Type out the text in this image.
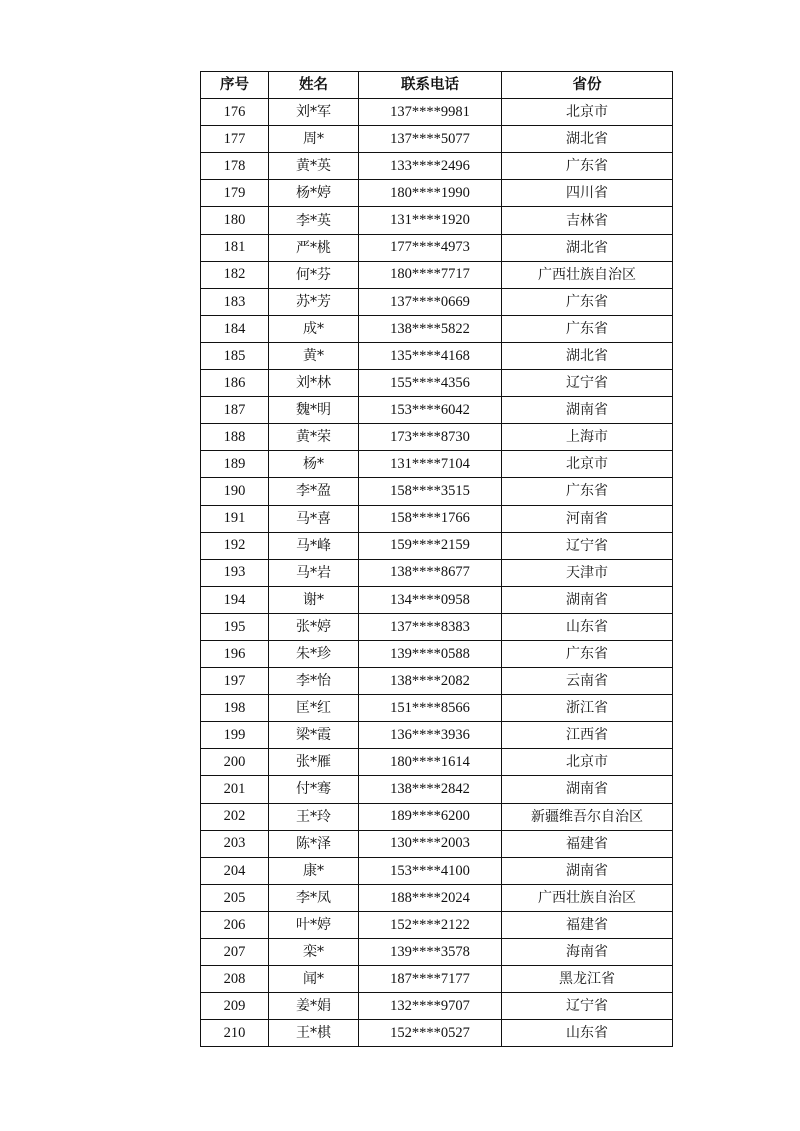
序号	姓名	联系电话	省份
176	刘*军	137****9981	北京市
177	周*	137****5077	湖北省
178	黄*英	133****2496	广东省
179	杨*婷	180****1990	四川省
180	李*英	131****1920	吉林省
181	严*桃	177****4973	湖北省
182	何*芬	180****7717	广西壮族自治区
183	苏*芳	137****0669	广东省
184	成*	138****5822	广东省
185	黄*	135****4168	湖北省
186	刘*林	155****4356	辽宁省
187	魏*明	153****6042	湖南省
188	黄*荣	173****8730	上海市
189	杨*	131****7104	北京市
190	李*盈	158****3515	广东省
191	马*喜	158****1766	河南省
192	马*峰	159****2159	辽宁省
193	马*岩	138****8677	天津市
194	谢*	134****0958	湖南省
195	张*婷	137****8383	山东省
196	朱*珍	139****0588	广东省
197	李*怡	138****2082	云南省
198	匡*红	151****8566	浙江省
199	梁*霞	136****3936	江西省
200	张*雁	180****1614	北京市
201	付*骞	138****2842	湖南省
202	王*玲	189****6200	新疆维吾尔自治区
203	陈*泽	130****2003	福建省
204	康*	153****4100	湖南省
205	李*凤	188****2024	广西壮族自治区
206	叶*婷	152****2122	福建省
207	栾*	139****3578	海南省
208	闻*	187****7177	黑龙江省
209	姜*娟	132****9707	辽宁省
210	王*棋	152****0527	山东省
